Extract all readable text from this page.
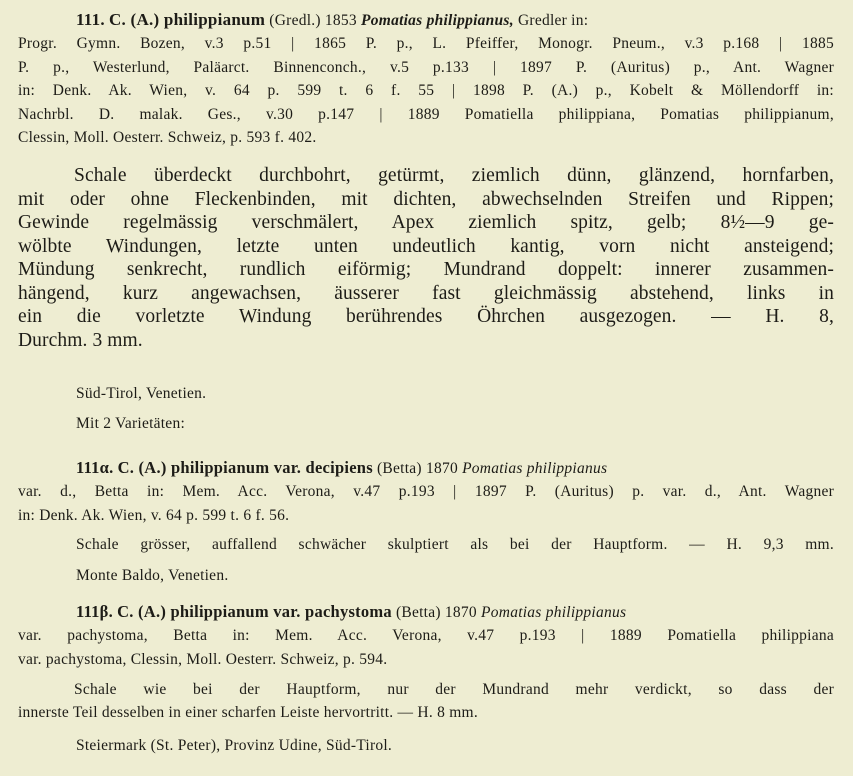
111. C. (A.) philippianum (Gredl.) 1853 Pomatias philippianus, Gredler in:
Progr. Gymn. Bozen, v.3 p.51 | 1865 P. p., L. Pfeiffer, Monogr. Pneum., v.3 p.168 | 1885
P. p., Westerlund, Paläarct. Binnenconch., v.5 p.133 | 1897 P. (Auritus) p., Ant. Wagner
in: Denk. Ak. Wien, v. 64 p. 599 t. 6 f. 55 | 1898 P. (A.) p., Kobelt & Möllendorff in:
Nachrbl. D. malak. Ges., v.30 p.147 | 1889 Pomatiella philippiana, Pomatias philippianum,
Clessin, Moll. Oesterr. Schweiz, p. 593 f. 402.
Schale überdeckt durchbohrt, getürmt, ziemlich dünn, glänzend, hornfarben,
mit oder ohne Fleckenbinden, mit dichten, abwechselnden Streifen und Rippen;
Gewinde regelmässig verschmälert, Apex ziemlich spitz, gelb; 8½—9 ge-
wölbte Windungen, letzte unten undeutlich kantig, vorn nicht ansteigend;
Mündung senkrecht, rundlich eiförmig; Mundrand doppelt: innerer zusammen-
hängend, kurz angewachsen, äusserer fast gleichmässig abstehend, links in
ein die vorletzte Windung berührendes Öhrchen ausgezogen. — H. 8,
Durchm. 3 mm.
Süd-Tirol, Venetien.
Mit 2 Varietäten:
111α. C. (A.) philippianum var. decipiens (Betta) 1870 Pomatias philippianus
var. d., Betta in: Mem. Acc. Verona, v.47 p.193 | 1897 P. (Auritus) p. var. d., Ant. Wagner
in: Denk. Ak. Wien, v. 64 p. 599 t. 6 f. 56.
Schale grösser, auffallend schwächer skulptiert als bei der Hauptform. — H. 9,3 mm.
Monte Baldo, Venetien.
111β. C. (A.) philippianum var. pachystoma (Betta) 1870 Pomatias philippianus
var. pachystoma, Betta in: Mem. Acc. Verona, v.47 p.193 | 1889 Pomatiella philippiana
var. pachystoma, Clessin, Moll. Oesterr. Schweiz, p. 594.
Schale wie bei der Hauptform, nur der Mundrand mehr verdickt, so dass der
innerste Teil desselben in einer scharfen Leiste hervortritt. — H. 8 mm.
Steiermark (St. Peter), Provinz Udine, Süd-Tirol.
